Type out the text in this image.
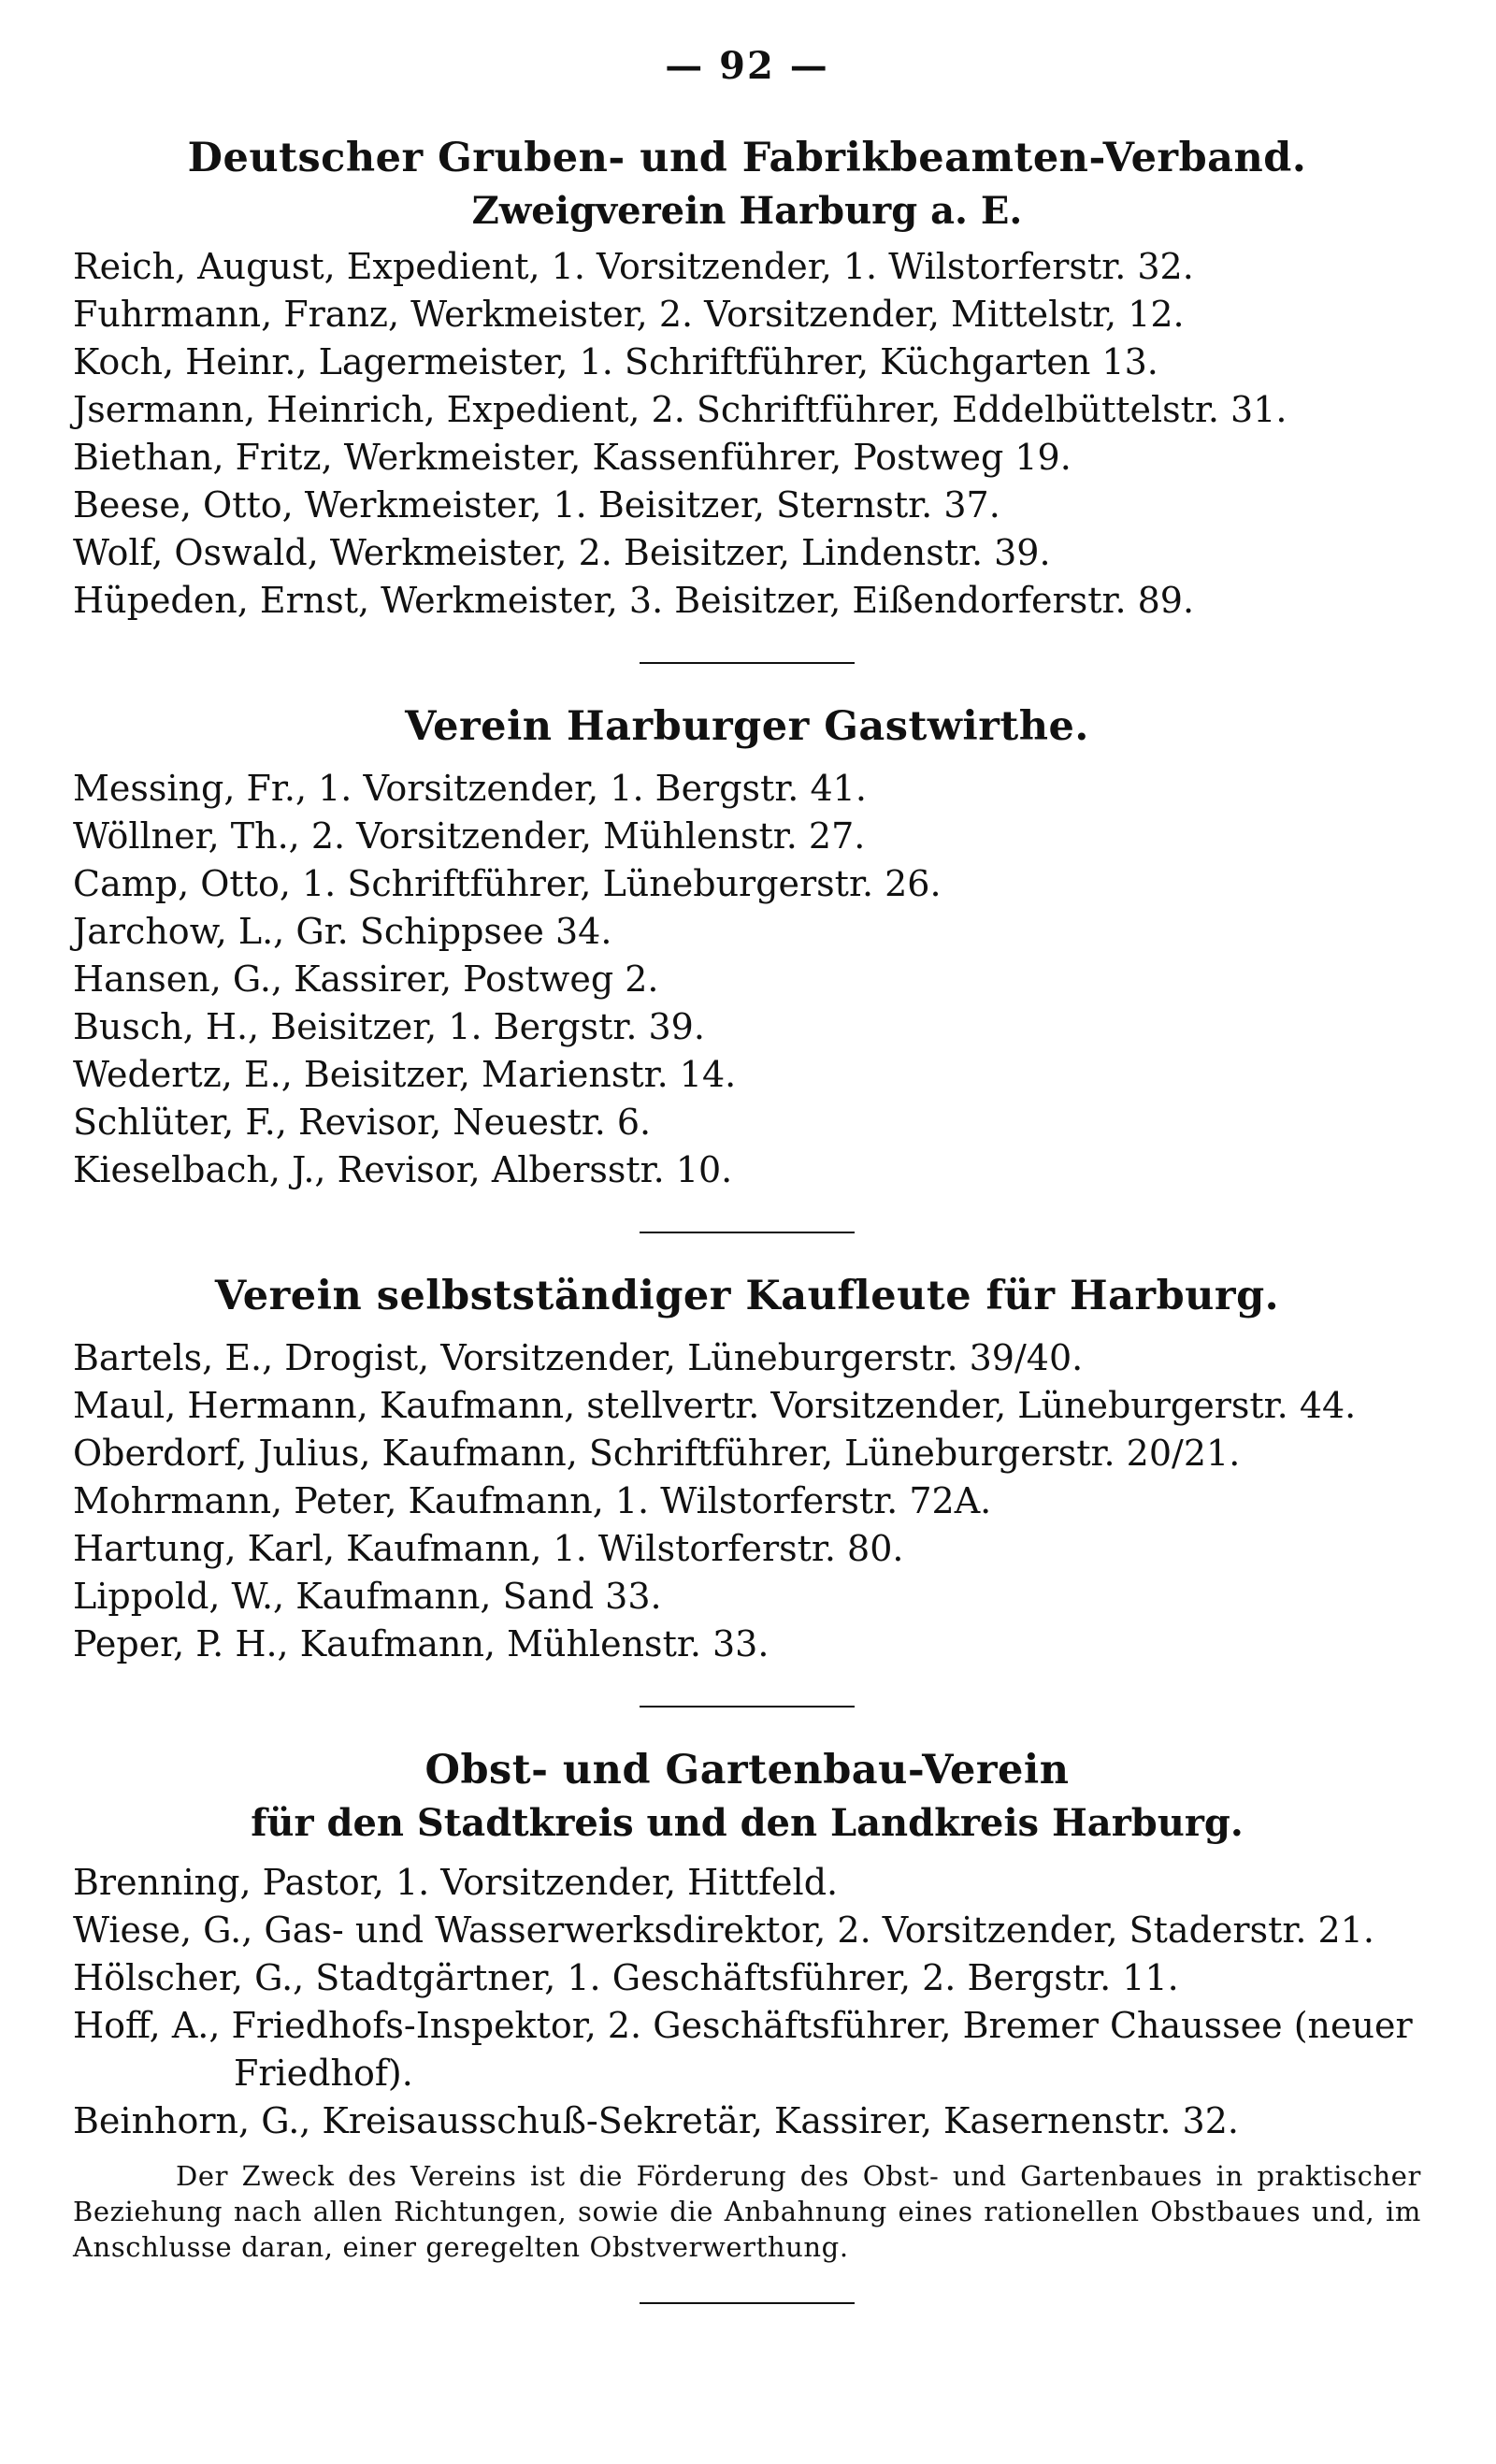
— 92 —
Deutscher Gruben- und Fabrikbeamten-Verband.
Zweigverein Harburg a. E.
Reich, August, Expedient, 1. Vorsitzender, 1. Wilstorferstr. 32.
Fuhrmann, Franz, Werkmeister, 2. Vorsitzender, Mittelstr, 12.
Koch, Heinr., Lagermeister, 1. Schriftführer, Küchgarten 13.
Jsermann, Heinrich, Expedient, 2. Schriftführer, Eddelbüttelstr. 31.
Biethan, Fritz, Werkmeister, Kassenführer, Postweg 19.
Beese, Otto, Werkmeister, 1. Beisitzer, Sternstr. 37.
Wolf, Oswald, Werkmeister, 2. Beisitzer, Lindenstr. 39.
Hüpeden, Ernst, Werkmeister, 3. Beisitzer, Eißendorferstr. 89.
Verein Harburger Gastwirthe.
Messing, Fr., 1. Vorsitzender, 1. Bergstr. 41.
Wöllner, Th., 2. Vorsitzender, Mühlenstr. 27.
Camp, Otto, 1. Schriftführer, Lüneburgerstr. 26.
Jarchow, L., Gr. Schippsee 34.
Hansen, G., Kassirer, Postweg 2.
Busch, H., Beisitzer, 1. Bergstr. 39.
Wedertz, E., Beisitzer, Marienstr. 14.
Schlüter, F., Revisor, Neuestr. 6.
Kieselbach, J., Revisor, Albersstr. 10.
Verein selbstständiger Kaufleute für Harburg.
Bartels, E., Drogist, Vorsitzender, Lüneburgerstr. 39/40.
Maul, Hermann, Kaufmann, stellvertr. Vorsitzender, Lüneburgerstr. 44.
Oberdorf, Julius, Kaufmann, Schriftführer, Lüneburgerstr. 20/21.
Mohrmann, Peter, Kaufmann, 1. Wilstorferstr. 72A.
Hartung, Karl, Kaufmann, 1. Wilstorferstr. 80.
Lippold, W., Kaufmann, Sand 33.
Peper, P. H., Kaufmann, Mühlenstr. 33.
Obst- und Gartenbau-Verein
für den Stadtkreis und den Landkreis Harburg.
Brenning, Pastor, 1. Vorsitzender, Hittfeld.
Wiese, G., Gas- und Wasserwerksdirektor, 2. Vorsitzender, Staderstr. 21.
Hölscher, G., Stadtgärtner, 1. Geschäftsführer, 2. Bergstr. 11.
Hoff, A., Friedhofs-Inspektor, 2. Geschäftsführer, Bremer Chaussee (neuer Friedhof).
Beinhorn, G., Kreisausschuß-Sekretär, Kassirer, Kasernenstr. 32.
Der Zweck des Vereins ist die Förderung des Obst- und Gartenbaues in praktischer Beziehung nach allen Richtungen, sowie die Anbahnung eines rationellen Obstbaues und, im Anschlusse daran, einer geregelten Obstverwerthung.
